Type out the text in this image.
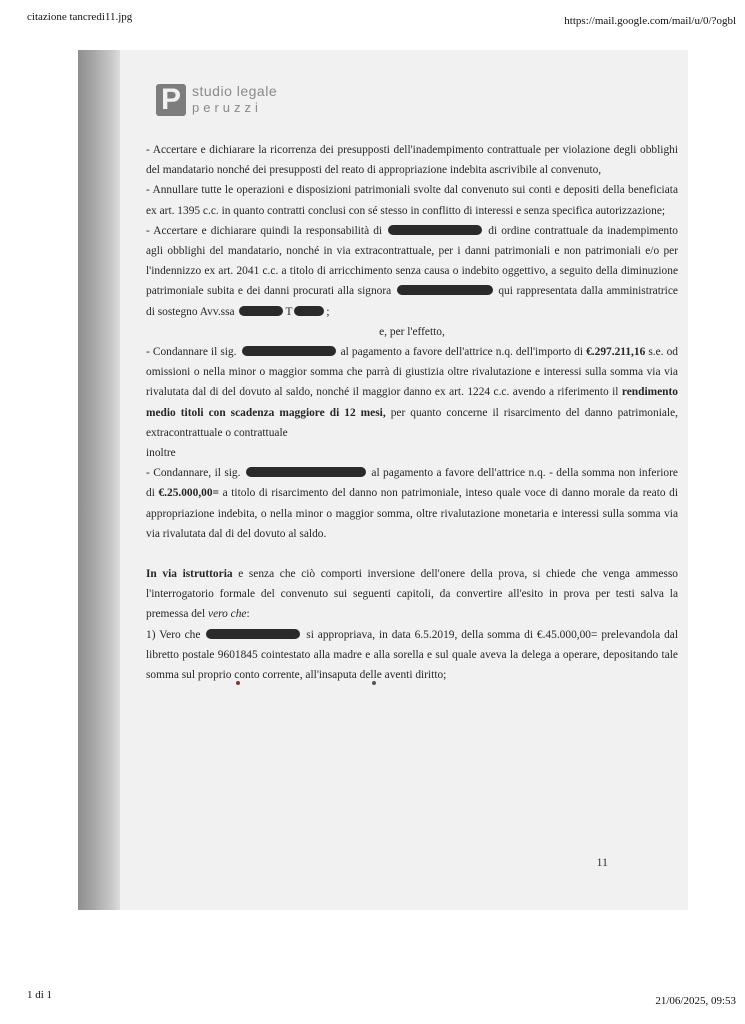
citazione tancredi11.jpg	https://mail.google.com/mail/u/0/?ogbl
P studio legale
peruzzi

- Accertare e dichiarare la ricorrenza dei presupposti dell'inadempimento contrattuale per violazione degli obblighi del mandatario nonché dei presupposti del reato di appropriazione indebita ascrivibile al convenuto,

- Annullare tutte le operazioni e disposizioni patrimoniali svolte dal convenuto sui conti e depositi della beneficiata ex art. 1395 c.c. in quanto contratti conclusi con sé stesso in conflitto di interessi e senza specifica autorizzazione;

- Accertare e dichiarare quindi la responsabilità di	di ordine contrattuale da inadempimento agli obblighi del mandatario, nonché in via extracontrattuale, per i danni patrimoniali e non patrimoniali e/o per l'indennizzo ex art. 2041 c.c. a titolo di arricchimento senza causa o indebito oggettivo, a seguito della diminuzione patrimoniale subita e dei danni procurati alla signora	qui rappresentata dalla amministratrice di sostegno Avv.ssa	T	;

e, per l'effetto,

- Condannare il sig.	al pagamento a favore dell'attrice n.q. dell'importo di €.297.211,16 s.e. od omissioni o nella minor o maggior somma che parrà di giustizia oltre rivalutazione e interessi sulla somma via via rivalutata dal di del dovuto al saldo, nonché il maggior danno ex art. 1224 c.c. avendo a riferimento il rendimento medio titoli con scadenza maggiore di 12 mesi, per quanto concerne il risarcimento del danno patrimoniale, extracontrattuale o contrattuale

inoltre

- Condannare, il sig.	al pagamento a favore dell'attrice n.q. - della somma non inferiore di €.25.000,00= a titolo di risarcimento del danno non patrimoniale, inteso quale voce di danno morale da reato di appropriazione indebita, o nella minor o maggior somma, oltre rivalutazione monetaria e interessi sulla somma via via rivalutata dal di del dovuto al saldo.

In via istruttoria e senza che ciò comporti inversione dell'onere della prova, si chiede che venga ammesso l'interrogatorio formale del convenuto sui seguenti capitoli, da convertire all'esito in prova per testi salva la premessa del vero che:

1) Vero che	si appropriava, in data 6.5.2019, della somma di €.45.000,00= prelevandola dal libretto postale 9601845 cointestato alla madre e alla sorella e sul quale aveva la delega a operare, depositando tale somma sul proprio conto corrente, all'insaputa delle aventi diritto;

11
1 di 1	21/06/2025, 09:53
